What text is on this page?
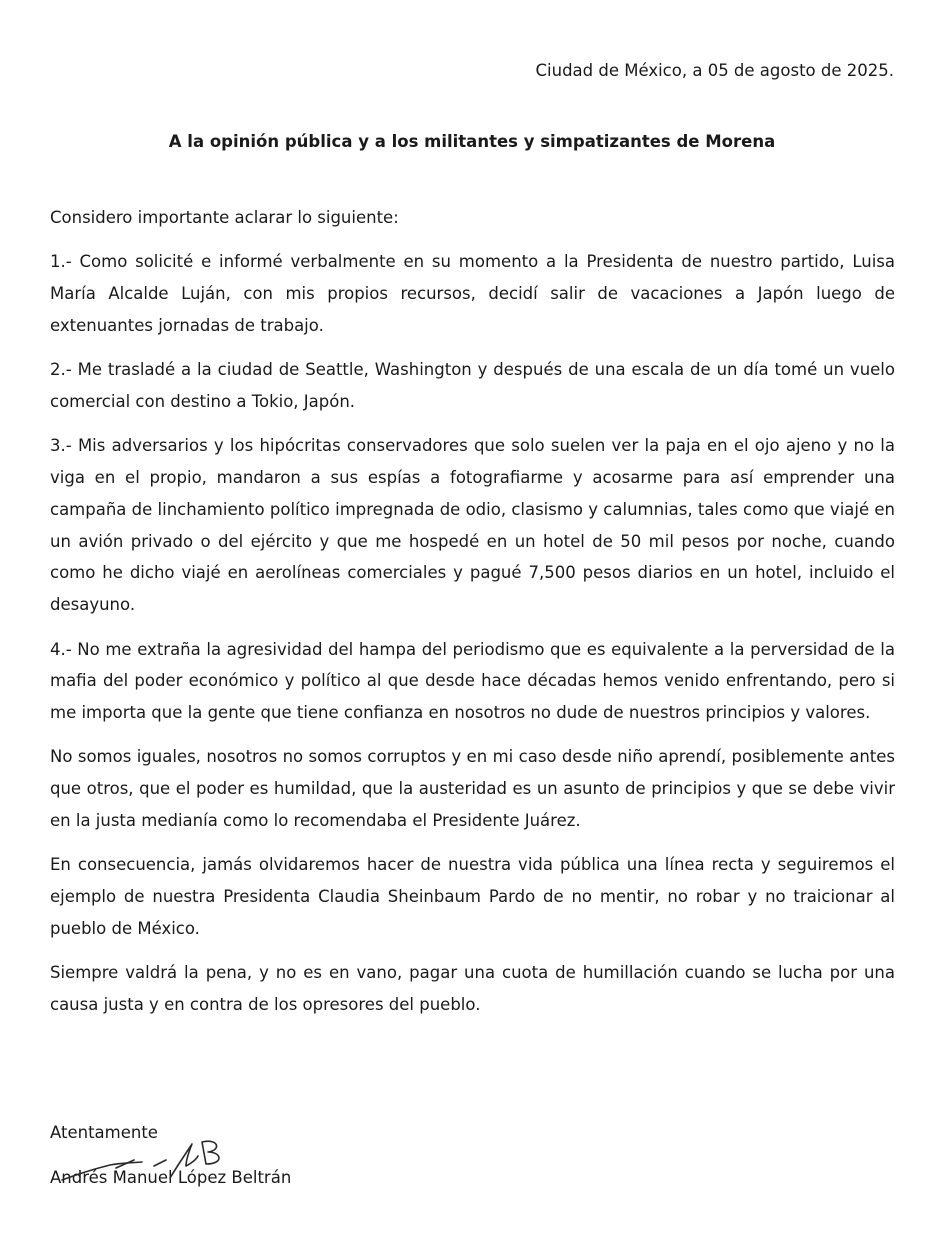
Ciudad de México, a 05 de agosto de 2025.
A la opinión pública y a los militantes y simpatizantes de Morena

Considero importante aclarar lo siguiente:

1.- Como solicité e informé verbalmente en su momento a la Presidenta de nuestro partido, Luisa María Alcalde Luján, con mis propios recursos, decidí salir de vacaciones a Japón luego de extenuantes jornadas de trabajo.

2.- Me trasladé a la ciudad de Seattle, Washington y después de una escala de un día tomé un vuelo comercial con destino a Tokio, Japón.

3.- Mis adversarios y los hipócritas conservadores que solo suelen ver la paja en el ojo ajeno y no la viga en el propio, mandaron a sus espías a fotografiarme y acosarme para así emprender una campaña de linchamiento político impregnada de odio, clasismo y calumnias, tales como que viajé en un avión privado o del ejército y que me hospedé en un hotel de 50 mil pesos por noche, cuando como he dicho viajé en aerolíneas comerciales y pagué 7,500 pesos diarios en un hotel, incluido el desayuno.

4.- No me extraña la agresividad del hampa del periodismo que es equivalente a la perversidad de la mafia del poder económico y político al que desde hace décadas hemos venido enfrentando, pero si me importa que la gente que tiene confianza en nosotros no dude de nuestros principios y valores.

No somos iguales, nosotros no somos corruptos y en mi caso desde niño aprendí, posiblemente antes que otros, que el poder es humildad, que la austeridad es un asunto de principios y que se debe vivir en la justa medianía como lo recomendaba el Presidente Juárez.

En consecuencia, jamás olvidaremos hacer de nuestra vida pública una línea recta y seguiremos el ejemplo de nuestra Presidenta Claudia Sheinbaum Pardo de no mentir, no robar y no traicionar al pueblo de México.

Siempre valdrá la pena, y no es en vano, pagar una cuota de humillación cuando se lucha por una causa justa y en contra de los opresores del pueblo.

Atentamente
Andrés Manuel López Beltrán
